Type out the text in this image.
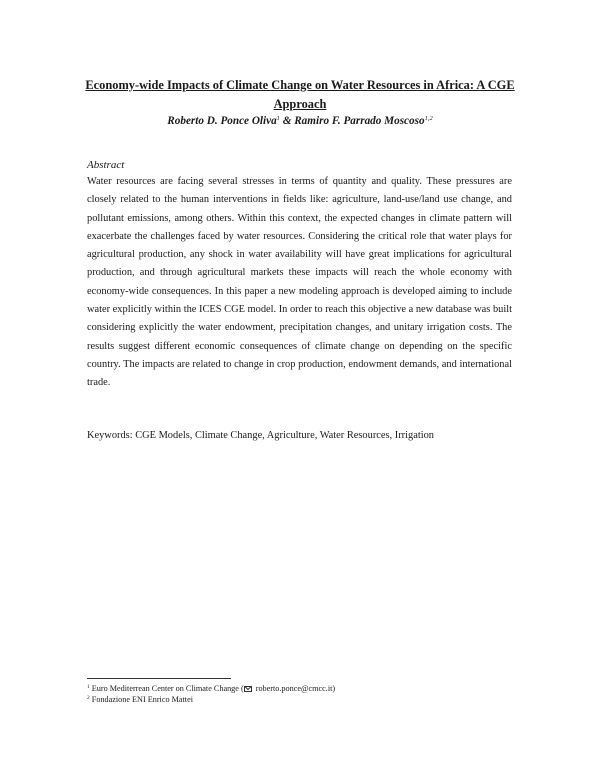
Economy-wide Impacts of Climate Change on Water Resources in Africa: A CGE
Approach
Roberto D. Ponce Oliva$^1$ & Ramiro F. Parrado Moscoso$^{1,2}$
Abstract

Water resources are facing several stresses in terms of quantity and quality. These pressures are closely related to the human interventions in fields like: agriculture, land-use/land use change, and pollutant emissions, among others. Within this context, the expected changes in climate pattern will exacerbate the challenges faced by water resources. Considering the critical role that water plays for agricultural production, any shock in water availability will have great implications for agricultural production, and through agricultural markets these impacts will reach the whole economy with economy-wide consequences. In this paper a new modeling approach is developed aiming to include water explicitly within the ICES CGE model. In order to reach this objective a new database was built considering explicitly the water endowment, precipitation changes, and unitary irrigation costs. The results suggest different economic consequences of climate change on depending on the specific country. The impacts are related to change in crop production, endowment demands, and international trade.

Keywords: CGE Models, Climate Change, Agriculture, Water Resources, Irrigation

$^1$ Euro Mediterrean Center on Climate Change ( roberto.ponce@cmcc.it)
$^2$ Fondazione ENI Enrico Mattei
